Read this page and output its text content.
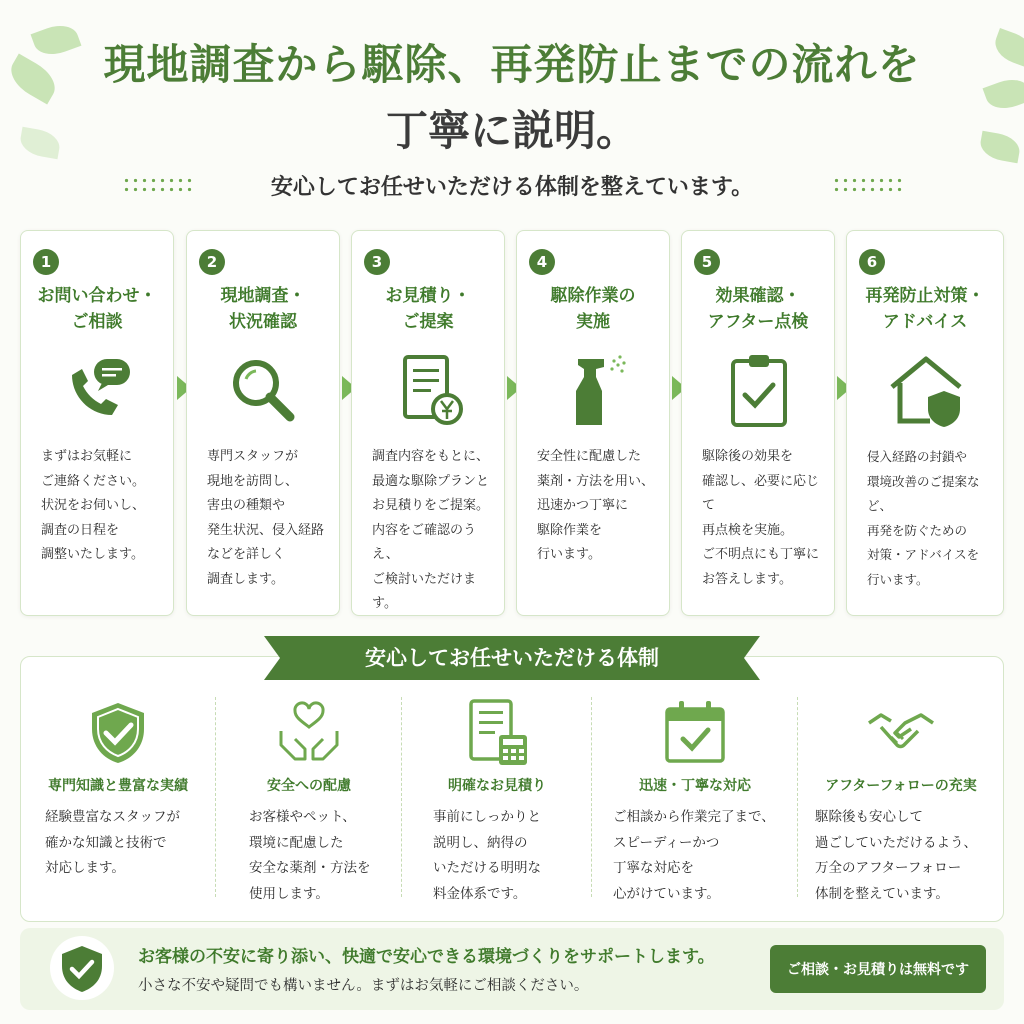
現地調査から駆除、再発防止までの流れを
丁寧に説明。
安心してお任せいただける体制を整えています。
1
お問い合わせ・
ご相談
まずはお気軽に
ご連絡ください。
状況をお伺いし、
調査の日程を
調整いたします。
2
現地調査・
状況確認
専門スタッフが
現地を訪問し、
害虫の種類や
発生状況、侵入経路
などを詳しく
調査します。
3
お見積り・
ご提案
調査内容をもとに、
最適な駆除プランと
お見積りをご提案。
内容をご確認のうえ、
ご検討いただけます。
4
駆除作業の
実施
安全性に配慮した
薬剤・方法を用い、
迅速かつ丁寧に
駆除作業を
行います。
5
効果確認・
アフター点検
駆除後の効果を
確認し、必要に応じて
再点検を実施。
ご不明点にも丁寧に
お答えします。
6
再発防止対策・
アドバイス
侵入経路の封鎖や
環境改善のご提案など、
再発を防ぐための
対策・アドバイスを
行います。
専門知識と豊富な実績
経験豊富なスタッフが
確かな知識と技術で
対応します。
安全への配慮
お客様やペット、
環境に配慮した
安全な薬剤・方法を
使用します。
明確なお見積り
事前にしっかりと
説明し、納得の
いただける明明な
料金体系です。
迅速・丁寧な対応
ご相談から作業完了まで、
スピーディーかつ
丁寧な対応を
心がけています。
アフターフォローの充実
駆除後も安心して
過ごしていただけるよう、
万全のアフターフォロー
体制を整えています。
安心してお任せいただける体制
お客様の不安に寄り添い、快適で安心できる環境づくりをサポートします。
小さな不安や疑問でも構いません。まずはお気軽にご相談ください。
ご相談・お見積りは無料です
